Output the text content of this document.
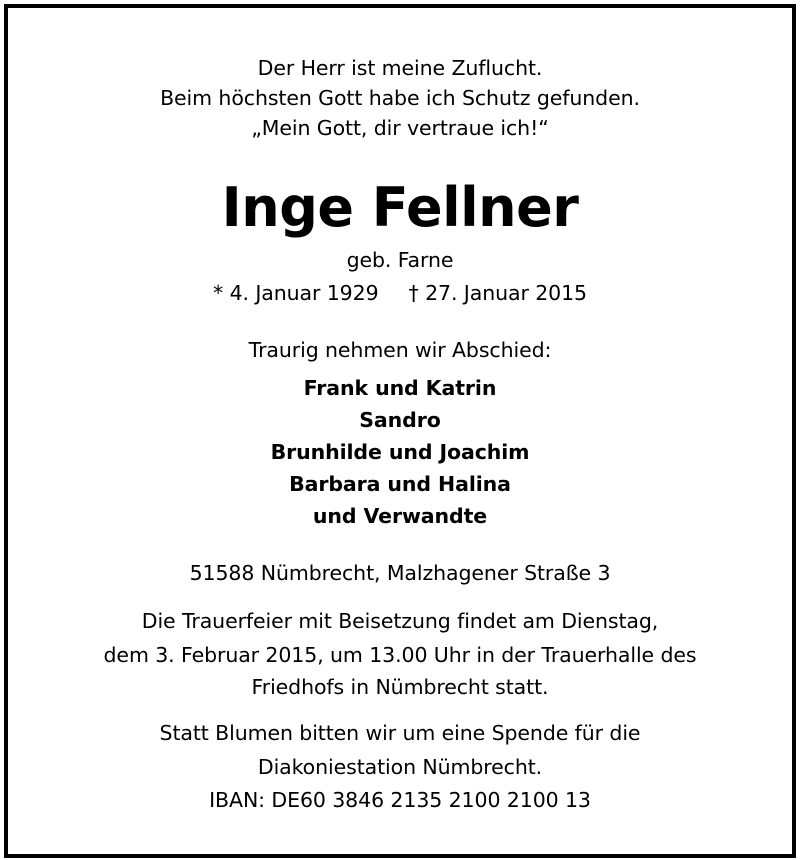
Der Herr ist meine Zuflucht.
Beim höchsten Gott habe ich Schutz gefunden.
„Mein Gott, dir vertraue ich!“
Inge Fellner
geb. Farne
* 4. Januar 1929 † 27. Januar 2015
Traurig nehmen wir Abschied:
Frank und Katrin
Sandro
Brunhilde und Joachim
Barbara und Halina
und Verwandte
51588 Nümbrecht, Malzhagener Straße 3
Die Trauerfeier mit Beisetzung findet am Dienstag,
dem 3. Februar 2015, um 13.00 Uhr in der Trauerhalle des
Friedhofs in Nümbrecht statt.
Statt Blumen bitten wir um eine Spende für die
Diakoniestation Nümbrecht.
IBAN: DE60 3846 2135 2100 2100 13
